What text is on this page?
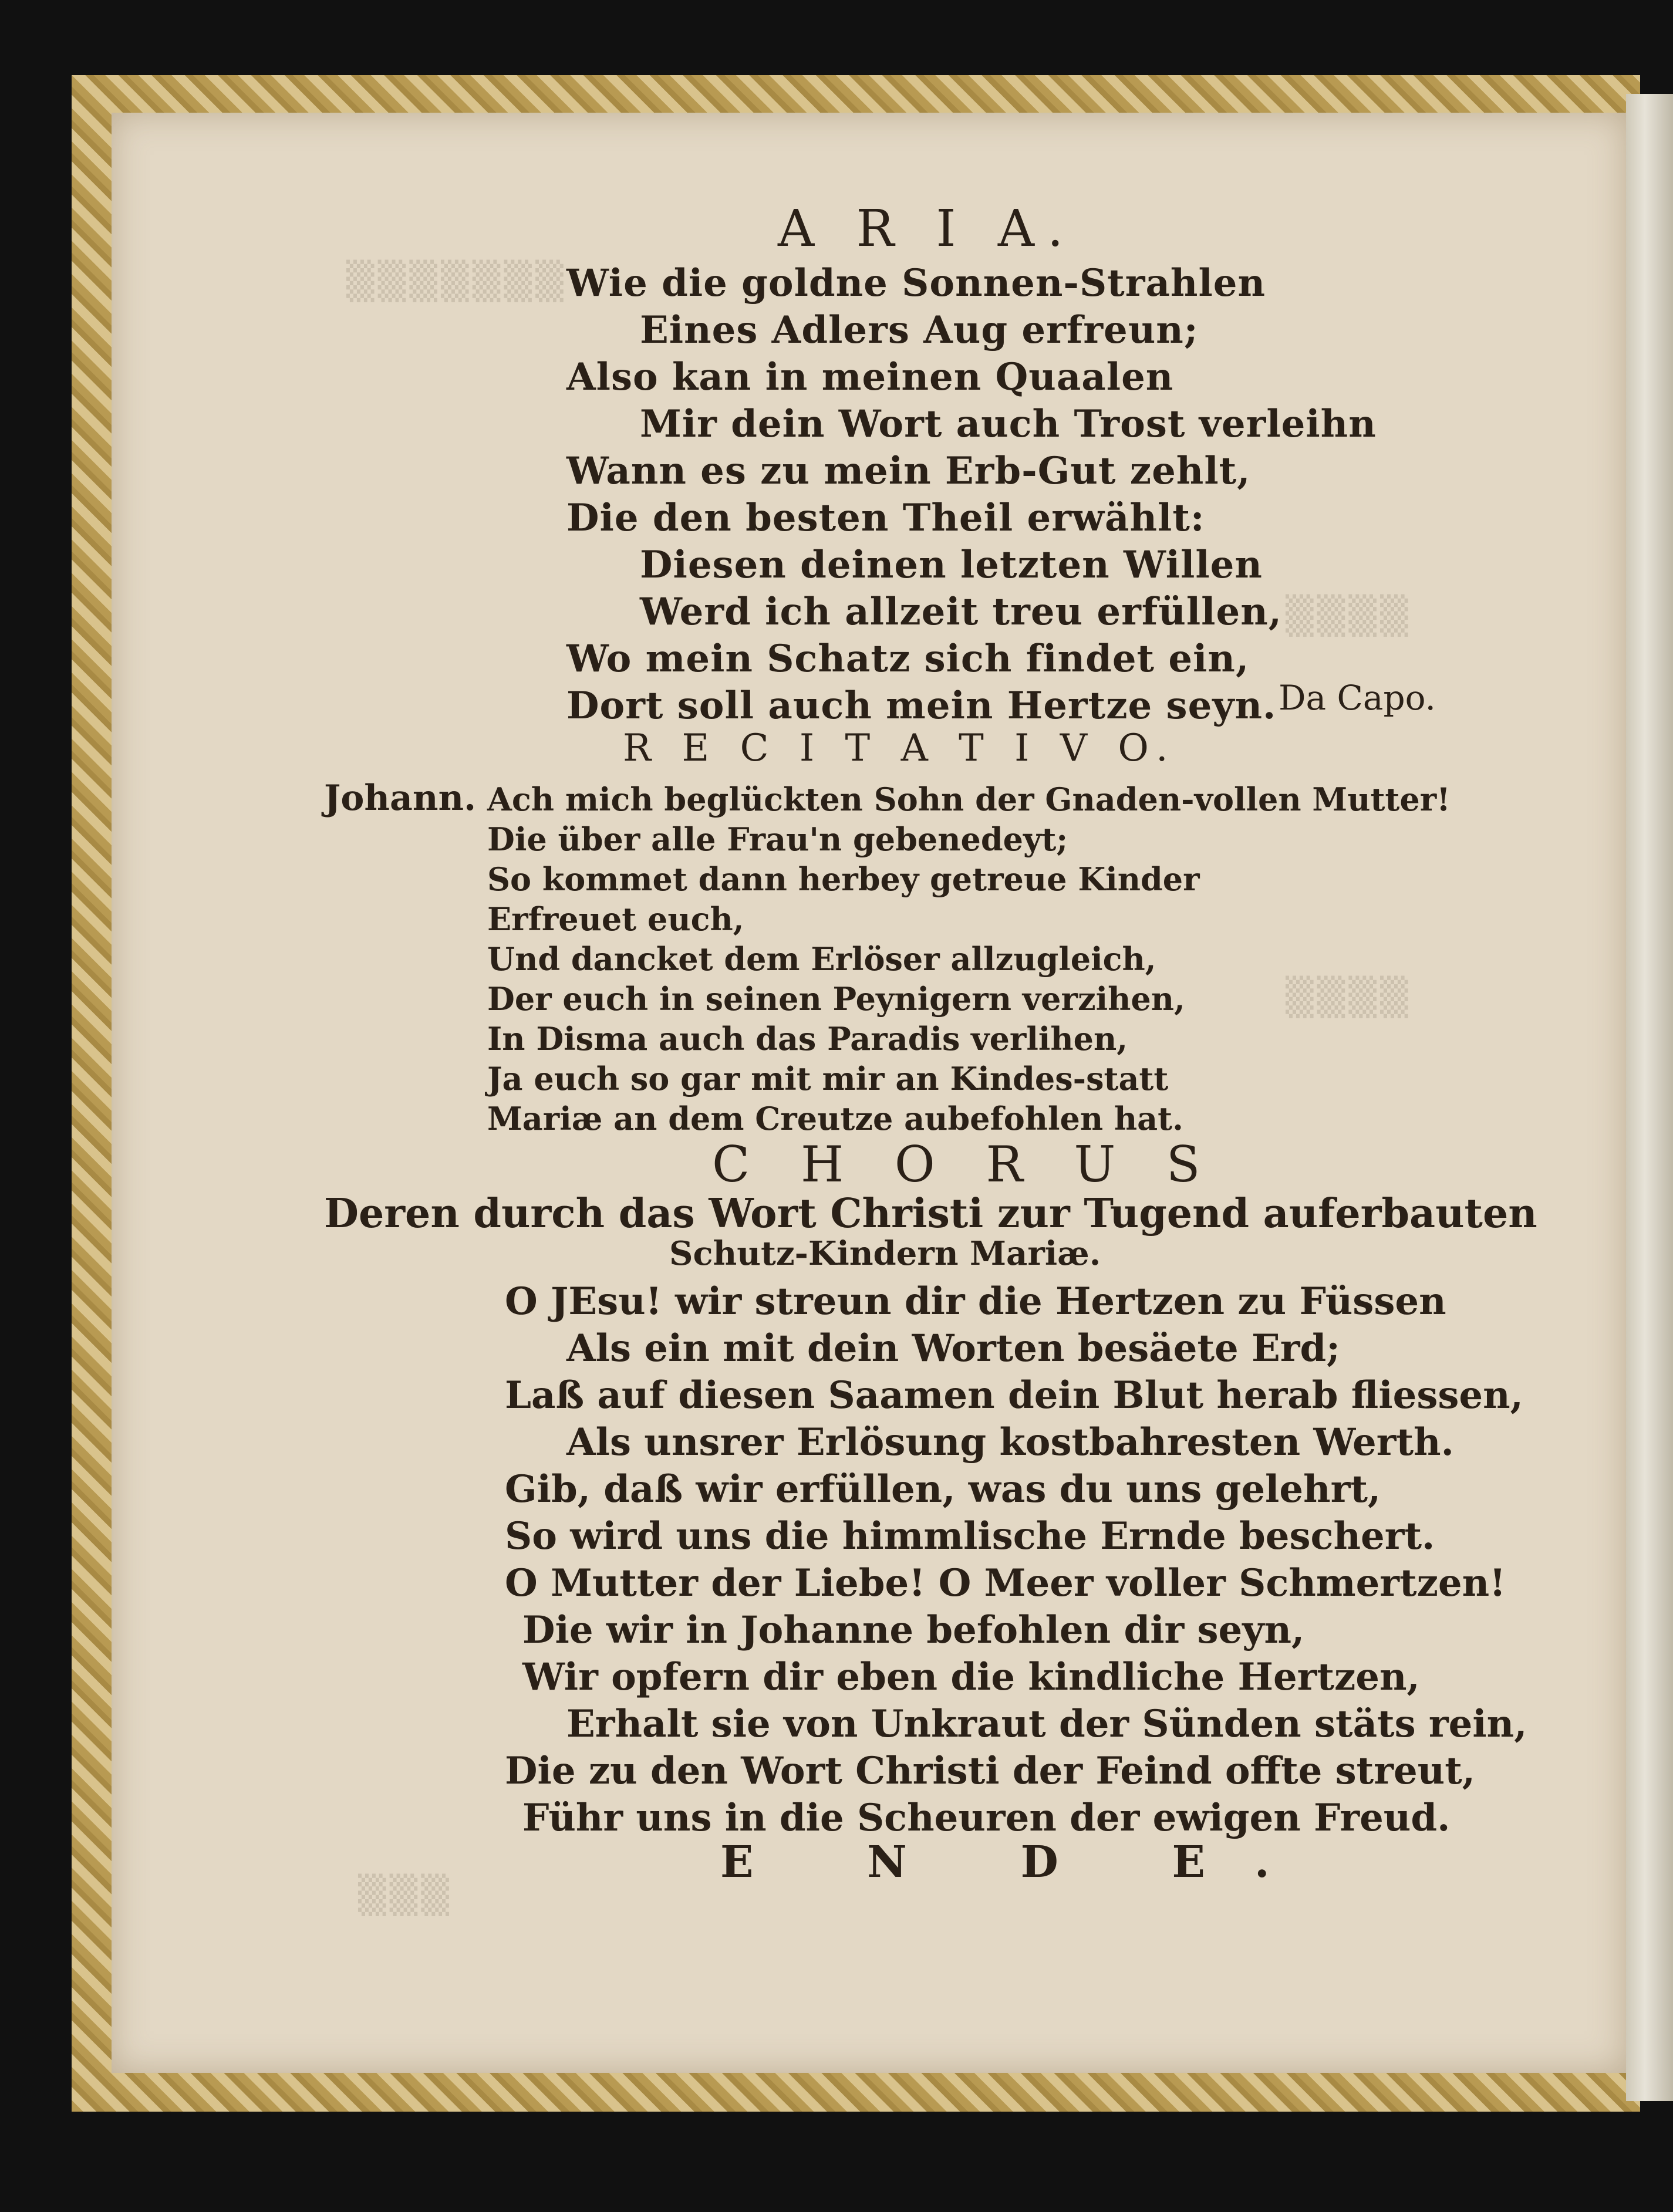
▒▒▒▒▒▒▒
▒▒▒▒
▒▒▒▒
▒▒▒
A R I A.
Wie die goldne Sonnen-Strahlen
Eines Adlers Aug erfreun;
Also kan in meinen Quaalen
Mir dein Wort auch Trost verleihn
Wann es zu mein Erb-Gut zehlt,
Die den besten Theil erwählt:
Diesen deinen letzten Willen
Werd ich allzeit treu erfüllen,
Wo mein Schatz sich findet ein,
Dort soll auch mein Hertze seyn. Da Capo.
R E C I T A T I V O.
Johann. Ach mich beglückten Sohn der Gnaden-vollen Mutter!
Die über alle Frau'n gebenedeyt;
So kommet dann herbey getreue Kinder
Erfreuet euch,
Und dancket dem Erlöser allzugleich,
Der euch in seinen Peynigern verzihen,
In Disma auch das Paradis verlihen,
Ja euch so gar mit mir an Kindes-statt
Mariæ an dem Creutze aubefohlen hat.
C H O R U S
Deren durch das Wort Christi zur Tugend auferbauten
Schutz-Kindern Mariæ.
O JEsu! wir streun dir die Hertzen zu Füssen
Als ein mit dein Worten besäete Erd;
Laß auf diesen Saamen dein Blut herab fliessen,
Als unsrer Erlösung kostbahresten Werth.
Gib, daß wir erfüllen, was du uns gelehrt,
So wird uns die himmlische Ernde beschert.
O Mutter der Liebe! O Meer voller Schmertzen!
Die wir in Johanne befohlen dir seyn,
Wir opfern dir eben die kindliche Hertzen,
Erhalt sie von Unkraut der Sünden stäts rein,
Die zu den Wort Christi der Feind offte streut,
Führ uns in die Scheuren der ewigen Freud.
E N D E.
